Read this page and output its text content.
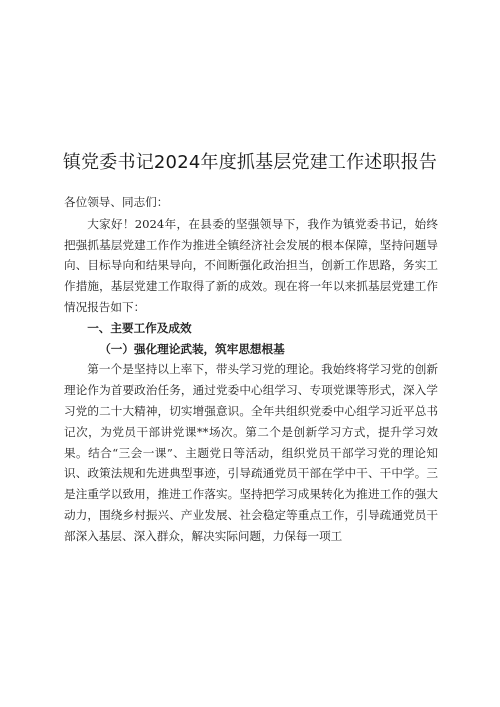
镇党委书记2024年度抓基层党建工作述职报告

各位领导、同志们：

大家好！2024年，在县委的坚强领导下，我作为镇党委书记，始终把强抓基层党建工作作为推进全镇经济社会发展的根本保障，坚持问题导向、目标导向和结果导向，不间断强化政治担当，创新工作思路，务实工作措施，基层党建工作取得了新的成效。现在将一年以来抓基层党建工作情况报告如下：

一、主要工作及成效

（一）强化理论武装，筑牢思想根基

第一个是坚持以上率下，带头学习党的理论。我始终将学习党的创新理论作为首要政治任务，通过党委中心组学习、专项党课等形式，深入学习党的二十大精神，切实增强意识。全年共组织党委中心组学习近平总书记次，为党员干部讲党课**场次。第二个是创新学习方式，提升学习效果。结合“三会一课”、主题党日等活动，组织党员干部学习党的理论知识、政策法规和先进典型事迹，引导疏通党员干部在学中干、干中学。三是注重学以致用，推进工作落实。坚持把学习成果转化为推进工作的强大动力，围绕乡村振兴、产业发展、社会稳定等重点工作，引导疏通党员干部深入基层、深入群众，解决实际问题，力保每一项工
